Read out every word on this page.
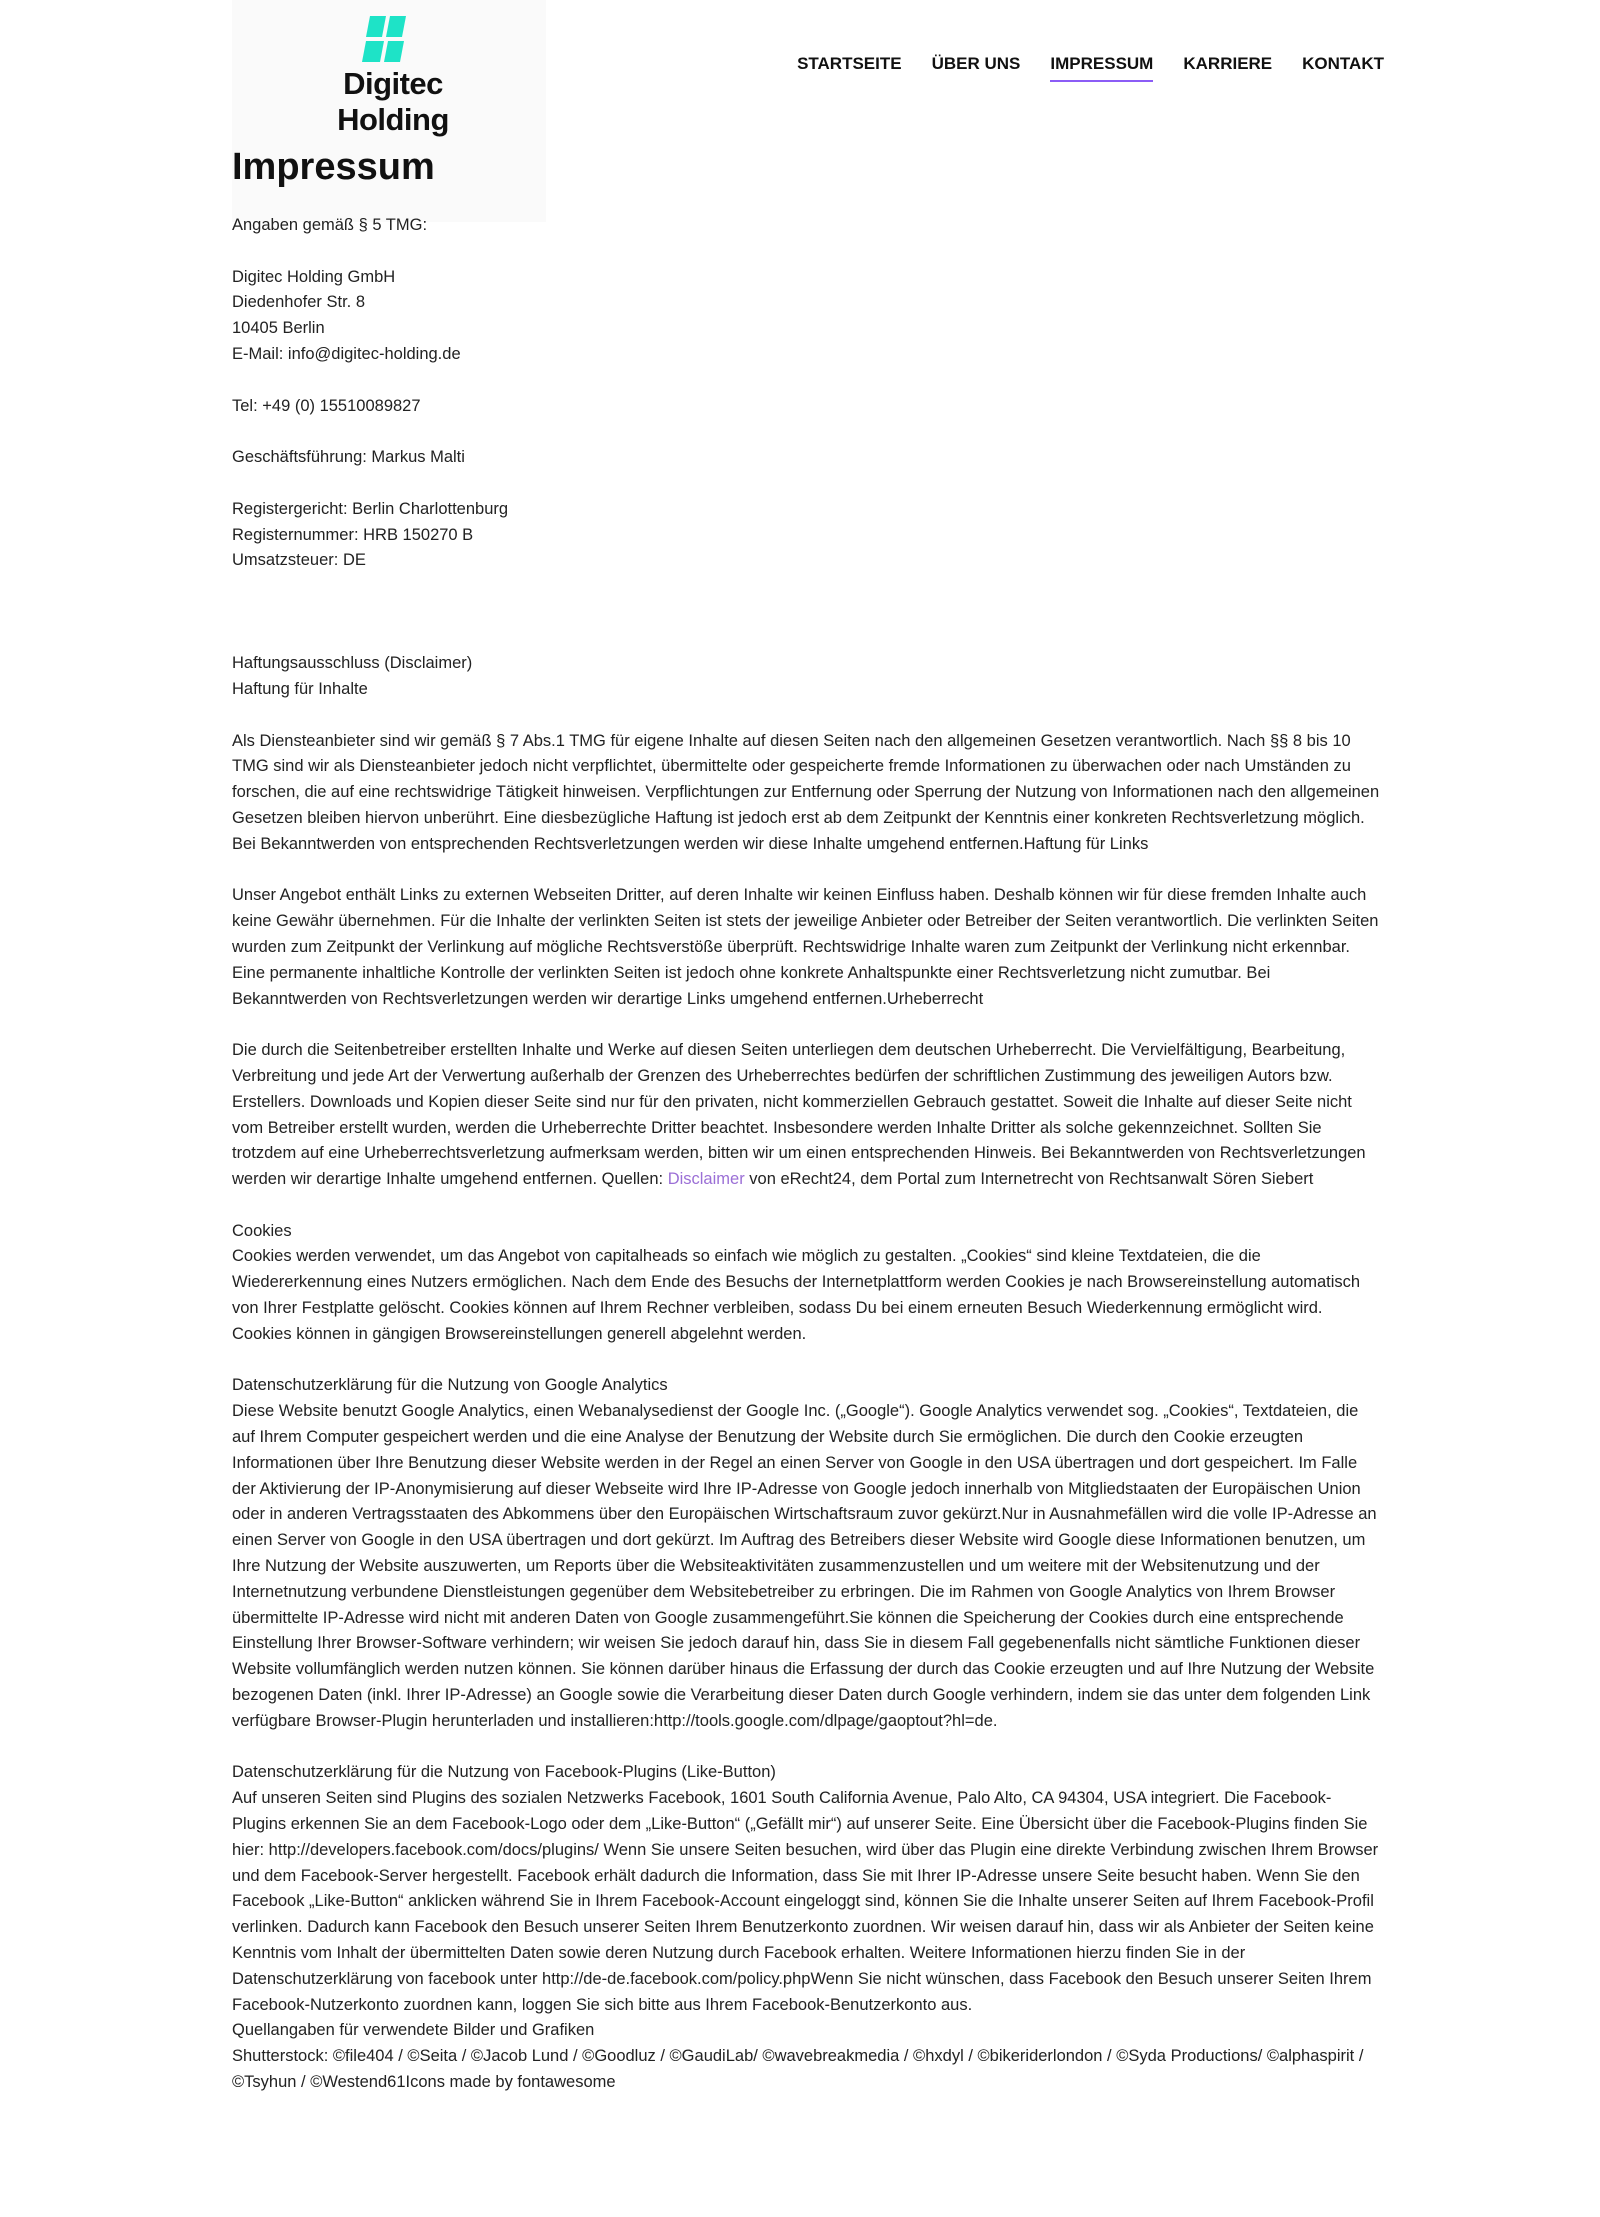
Digitec Holding
STARTSEITE ÜBER UNS IMPRESSUM KARRIERE KONTAKT
Impressum

Angaben gemäß § 5 TMG:

Digitec Holding GmbH

Diedenhofer Str. 8

10405 Berlin

E-Mail: info@digitec-holding.de

Tel: +49 (0) 15510089827

Geschäftsführung: Markus Malti

Registergericht: Berlin Charlottenburg

Registernummer: HRB 150270 B

Umsatzsteuer: DE

Haftungsausschluss (Disclaimer)

Haftung für Inhalte

Als Diensteanbieter sind wir gemäß § 7 Abs.1 TMG für eigene Inhalte auf diesen Seiten nach den allgemeinen Gesetzen verantwortlich. Nach §§ 8 bis 10 TMG sind wir als Diensteanbieter jedoch nicht verpflichtet, übermittelte oder gespeicherte fremde Informationen zu überwachen oder nach Umständen zu forschen, die auf eine rechtswidrige Tätigkeit hinweisen. Verpflichtungen zur Entfernung oder Sperrung der Nutzung von Informationen nach den allgemeinen Gesetzen bleiben hiervon unberührt. Eine diesbezügliche Haftung ist jedoch erst ab dem Zeitpunkt der Kenntnis einer konkreten Rechtsverletzung möglich. Bei Bekanntwerden von entsprechenden Rechtsverletzungen werden wir diese Inhalte umgehend entfernen.Haftung für Links

Unser Angebot enthält Links zu externen Webseiten Dritter, auf deren Inhalte wir keinen Einfluss haben. Deshalb können wir für diese fremden Inhalte auch keine Gewähr übernehmen. Für die Inhalte der verlinkten Seiten ist stets der jeweilige Anbieter oder Betreiber der Seiten verantwortlich. Die verlinkten Seiten wurden zum Zeitpunkt der Verlinkung auf mögliche Rechtsverstöße überprüft. Rechtswidrige Inhalte waren zum Zeitpunkt der Verlinkung nicht erkennbar. Eine permanente inhaltliche Kontrolle der verlinkten Seiten ist jedoch ohne konkrete Anhaltspunkte einer Rechtsverletzung nicht zumutbar. Bei Bekanntwerden von Rechtsverletzungen werden wir derartige Links umgehend entfernen.Urheberrecht

Die durch die Seitenbetreiber erstellten Inhalte und Werke auf diesen Seiten unterliegen dem deutschen Urheberrecht. Die Vervielfältigung, Bearbeitung, Verbreitung und jede Art der Verwertung außerhalb der Grenzen des Urheberrechtes bedürfen der schriftlichen Zustimmung des jeweiligen Autors bzw. Erstellers. Downloads und Kopien dieser Seite sind nur für den privaten, nicht kommerziellen Gebrauch gestattet. Soweit die Inhalte auf dieser Seite nicht vom Betreiber erstellt wurden, werden die Urheberrechte Dritter beachtet. Insbesondere werden Inhalte Dritter als solche gekennzeichnet. Sollten Sie trotzdem auf eine Urheberrechtsverletzung aufmerksam werden, bitten wir um einen entsprechenden Hinweis. Bei Bekanntwerden von Rechtsverletzungen werden wir derartige Inhalte umgehend entfernen. Quellen: Disclaimer von eRecht24, dem Portal zum Internetrecht von Rechtsanwalt Sören Siebert

Cookies

Cookies werden verwendet, um das Angebot von capitalheads so einfach wie möglich zu gestalten. „Cookies“ sind kleine Textdateien, die die Wiedererkennung eines Nutzers ermöglichen. Nach dem Ende des Besuchs der Internetplattform werden Cookies je nach Browsereinstellung automatisch von Ihrer Festplatte gelöscht. Cookies können auf Ihrem Rechner verbleiben, sodass Du bei einem erneuten Besuch Wiederkennung ermöglicht wird. Cookies können in gängigen Browsereinstellungen generell abgelehnt werden.

Datenschutzerklärung für die Nutzung von Google Analytics

Diese Website benutzt Google Analytics, einen Webanalysedienst der Google Inc. („Google“). Google Analytics verwendet sog. „Cookies“, Textdateien, die auf Ihrem Computer gespeichert werden und die eine Analyse der Benutzung der Website durch Sie ermöglichen. Die durch den Cookie erzeugten Informationen über Ihre Benutzung dieser Website werden in der Regel an einen Server von Google in den USA übertragen und dort gespeichert. Im Falle der Aktivierung der IP-Anonymisierung auf dieser Webseite wird Ihre IP-Adresse von Google jedoch innerhalb von Mitgliedstaaten der Europäischen Union oder in anderen Vertragsstaaten des Abkommens über den Europäischen Wirtschaftsraum zuvor gekürzt.Nur in Ausnahmefällen wird die volle IP-Adresse an einen Server von Google in den USA übertragen und dort gekürzt. Im Auftrag des Betreibers dieser Website wird Google diese Informationen benutzen, um Ihre Nutzung der Website auszuwerten, um Reports über die Websiteaktivitäten zusammenzustellen und um weitere mit der Websitenutzung und der Internetnutzung verbundene Dienstleistungen gegenüber dem Websitebetreiber zu erbringen. Die im Rahmen von Google Analytics von Ihrem Browser übermittelte IP-Adresse wird nicht mit anderen Daten von Google zusammengeführt.Sie können die Speicherung der Cookies durch eine entsprechende Einstellung Ihrer Browser-Software verhindern; wir weisen Sie jedoch darauf hin, dass Sie in diesem Fall gegebenenfalls nicht sämtliche Funktionen dieser Website vollumfänglich werden nutzen können. Sie können darüber hinaus die Erfassung der durch das Cookie erzeugten und auf Ihre Nutzung der Website bezogenen Daten (inkl. Ihrer IP-Adresse) an Google sowie die Verarbeitung dieser Daten durch Google verhindern, indem sie das unter dem folgenden Link verfügbare Browser-Plugin herunterladen und installieren:http://tools.google.com/dlpage/gaoptout?hl=de.

Datenschutzerklärung für die Nutzung von Facebook-Plugins (Like-Button)

Auf unseren Seiten sind Plugins des sozialen Netzwerks Facebook, 1601 South California Avenue, Palo Alto, CA 94304, USA integriert. Die Facebook-Plugins erkennen Sie an dem Facebook-Logo oder dem „Like-Button“ („Gefällt mir“) auf unserer Seite. Eine Übersicht über die Facebook-Plugins finden Sie hier: http://developers.facebook.com/docs/plugins/ Wenn Sie unsere Seiten besuchen, wird über das Plugin eine direkte Verbindung zwischen Ihrem Browser und dem Facebook-Server hergestellt. Facebook erhält dadurch die Information, dass Sie mit Ihrer IP-Adresse unsere Seite besucht haben. Wenn Sie den Facebook „Like-Button“ anklicken während Sie in Ihrem Facebook-Account eingeloggt sind, können Sie die Inhalte unserer Seiten auf Ihrem Facebook-Profil verlinken. Dadurch kann Facebook den Besuch unserer Seiten Ihrem Benutzerkonto zuordnen. Wir weisen darauf hin, dass wir als Anbieter der Seiten keine Kenntnis vom Inhalt der übermittelten Daten sowie deren Nutzung durch Facebook erhalten. Weitere Informationen hierzu finden Sie in der Datenschutzerklärung von facebook unter http://de-de.facebook.com/policy.phpWenn Sie nicht wünschen, dass Facebook den Besuch unserer Seiten Ihrem Facebook-Nutzerkonto zuordnen kann, loggen Sie sich bitte aus Ihrem Facebook-Benutzerkonto aus.

Quellangaben für verwendete Bilder und Grafiken

Shutterstock: ©file404 / ©Seita / ©Jacob Lund / ©Goodluz / ©GaudiLab/ ©wavebreakmedia / ©hxdyl / ©bikeriderlondon / ©Syda Productions/ ©alphaspirit / ©Tsyhun / ©Westend61Icons made by fontawesome
